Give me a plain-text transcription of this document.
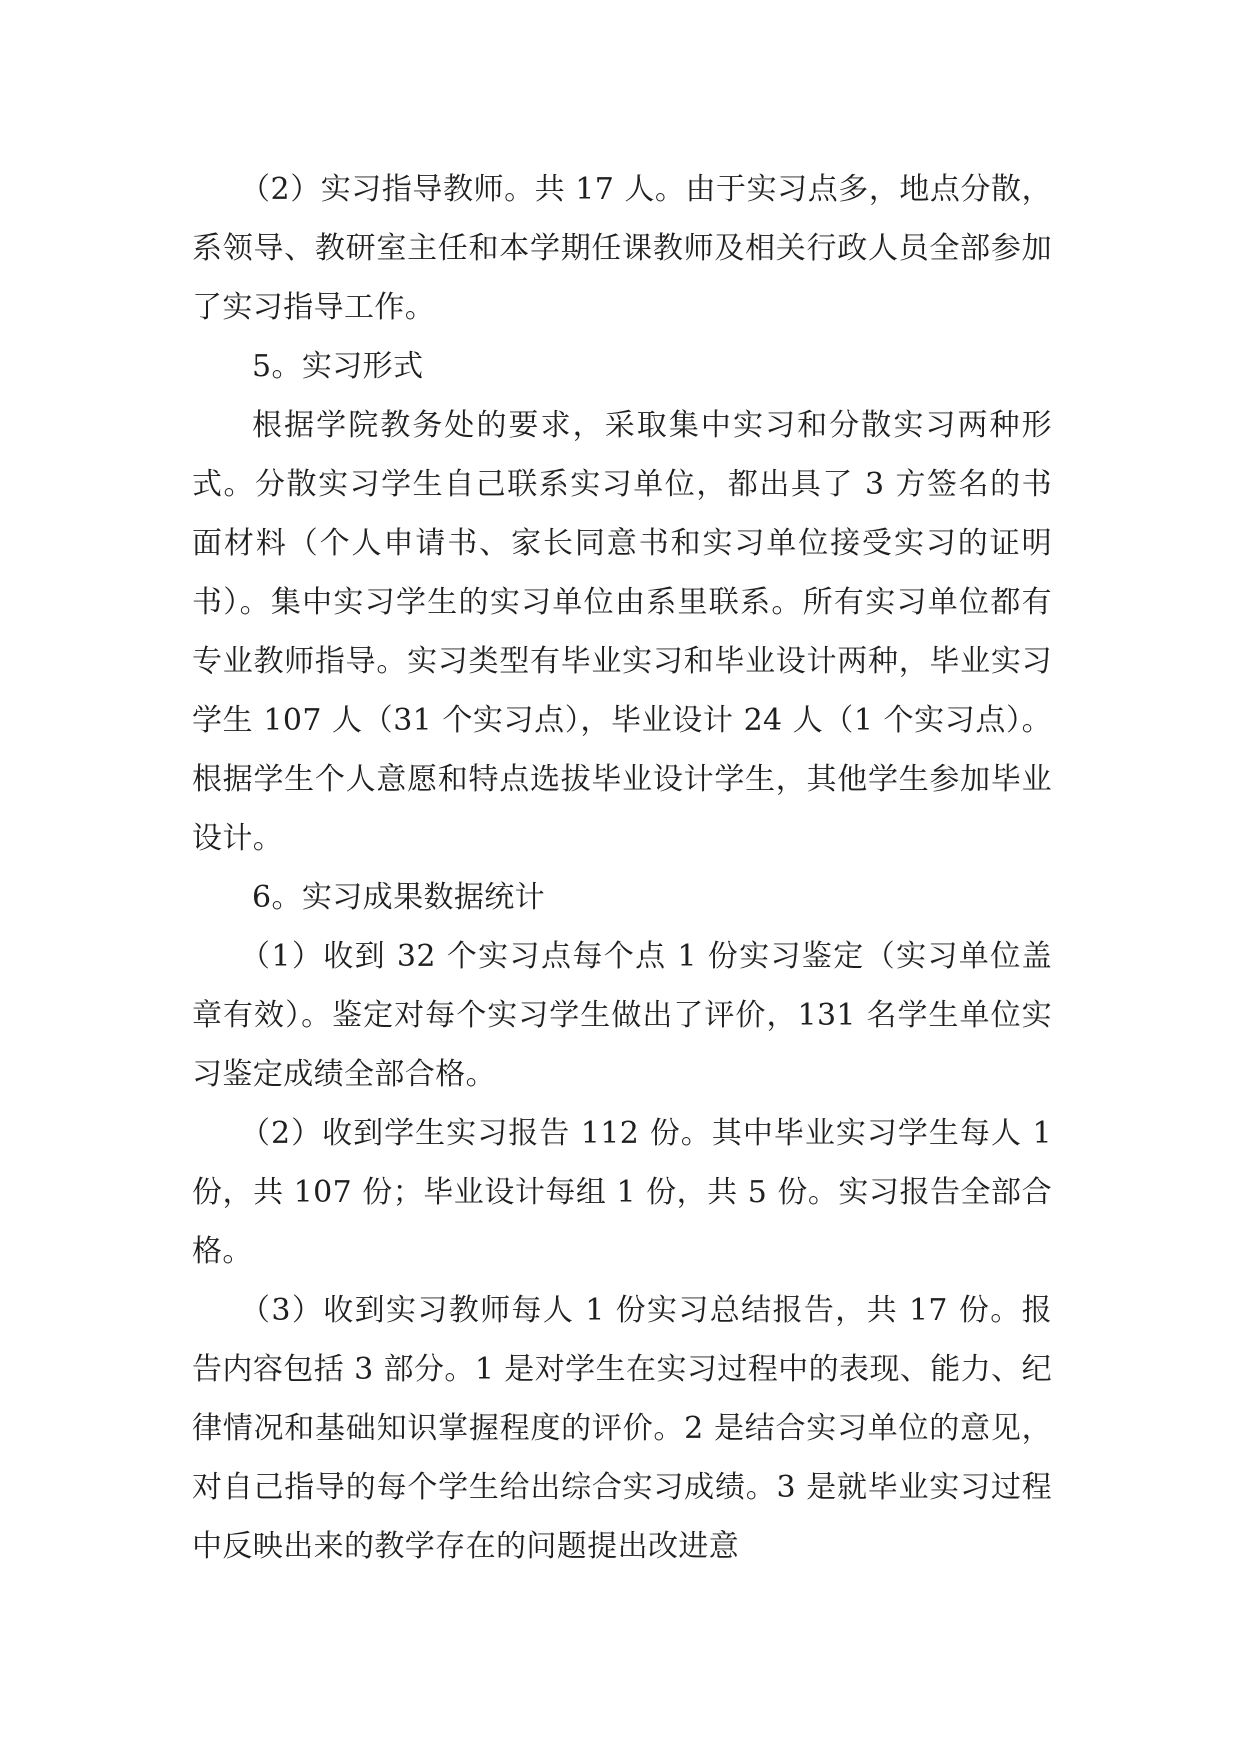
（2）实习指导教师。共 17 人。由于实习点多，地点分散，系领导、教研室主任和本学期任课教师及相关行政人员全部参加了实习指导工作。

5。实习形式

根据学院教务处的要求，采取集中实习和分散实习两种形式。分散实习学生自己联系实习单位，都出具了 3 方签名的书面材料（个人申请书、家长同意书和实习单位接受实习的证明书）。集中实习学生的实习单位由系里联系。所有实习单位都有专业教师指导。实习类型有毕业实习和毕业设计两种，毕业实习学生 107 人（31 个实习点），毕业设计 24 人（1 个实习点）。根据学生个人意愿和特点选拔毕业设计学生，其他学生参加毕业设计。

6。实习成果数据统计

（1）收到 32 个实习点每个点 1 份实习鉴定（实习单位盖章有效）。鉴定对每个实习学生做出了评价，131 名学生单位实习鉴定成绩全部合格。

（2）收到学生实习报告 112 份。其中毕业实习学生每人 1 份，共 107 份；毕业设计每组 1 份，共 5 份。实习报告全部合格。

（3）收到实习教师每人 1 份实习总结报告，共 17 份。报告内容包括 3 部分。1 是对学生在实习过程中的表现、能力、纪律情况和基础知识掌握程度的评价。2 是结合实习单位的意见，对自己指导的每个学生给出综合实习成绩。3 是就毕业实习过程中反映出来的教学存在的问题提出改进意
